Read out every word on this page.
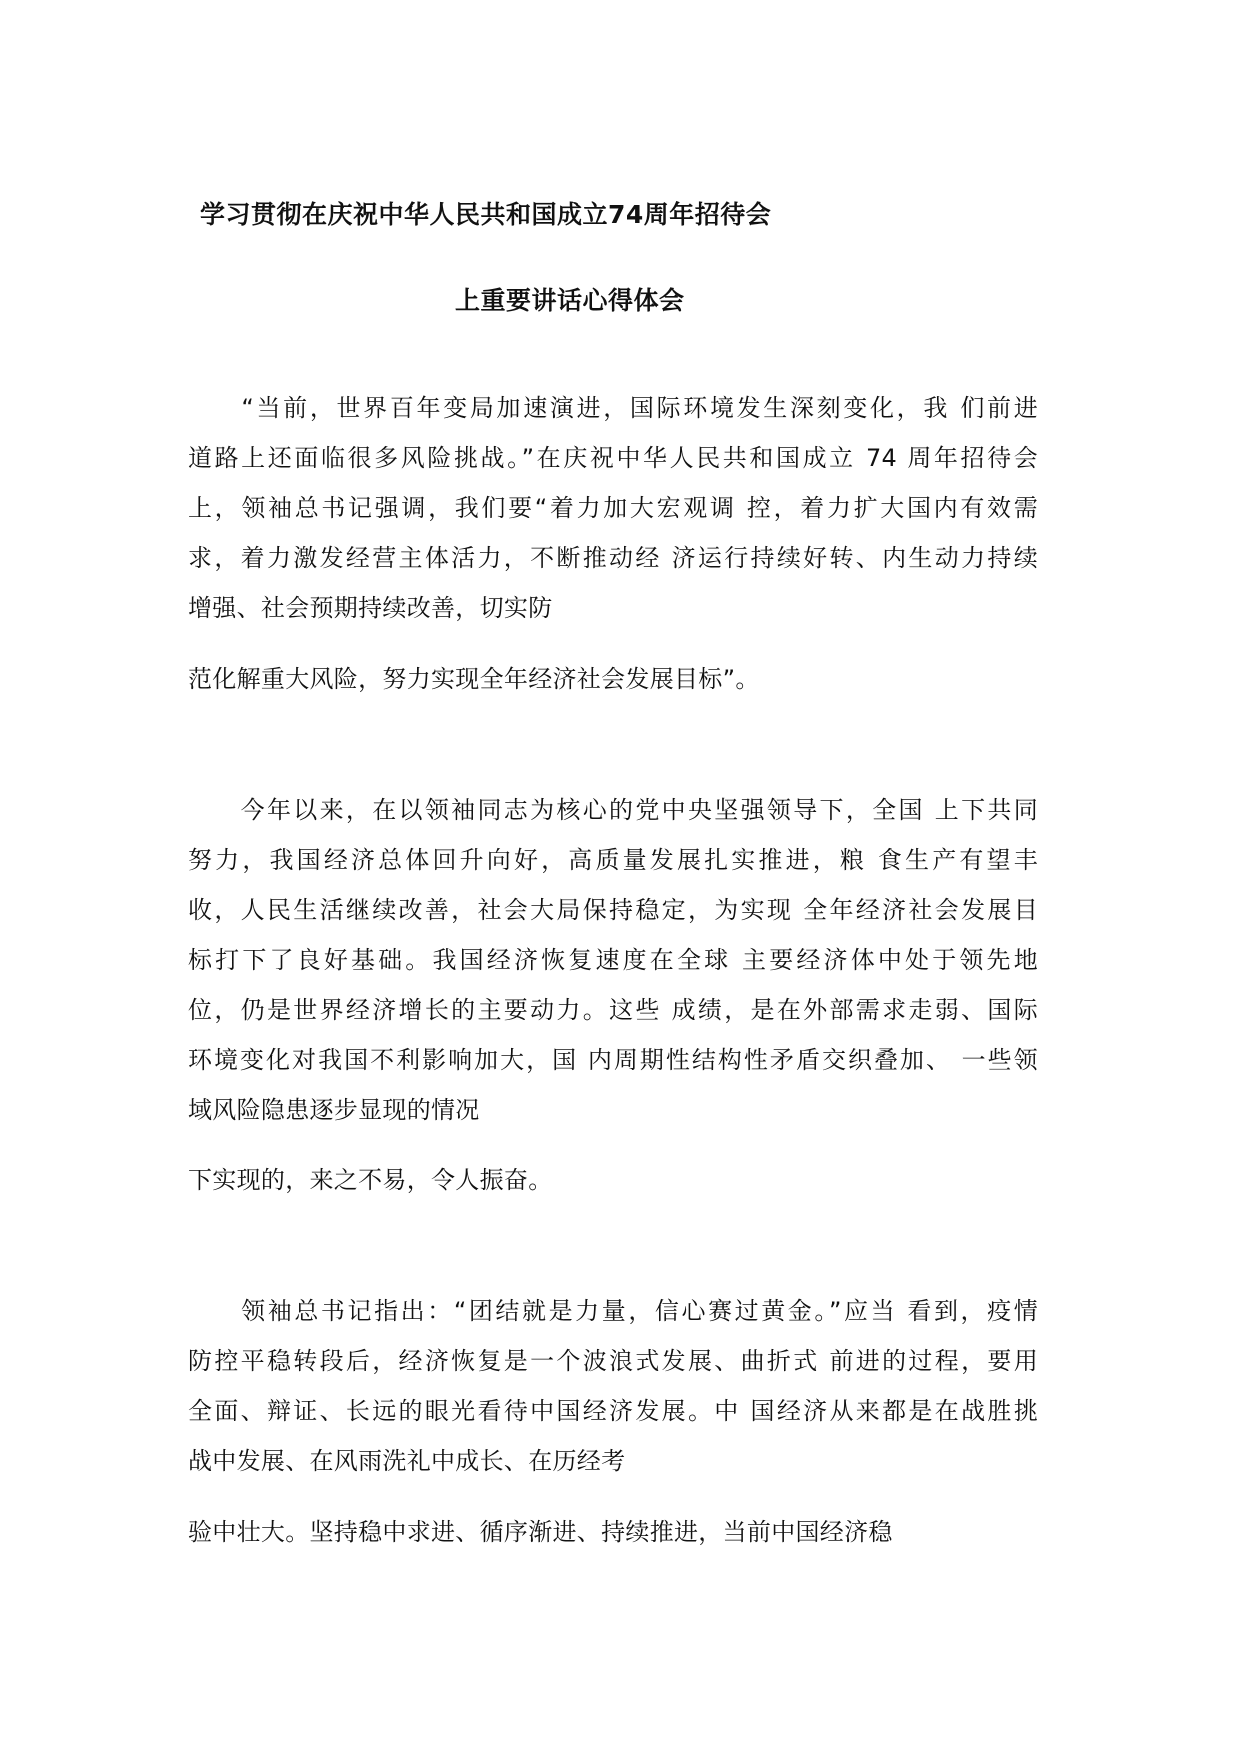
学习贯彻在庆祝中华人民共和国成立74周年招待会
上重要讲话心得体会
　　“当前，世界百年变局加速演进，国际环境发生深刻变化，我 们前进
道路上还面临很多风险挑战。”在庆祝中华人民共和国成立 74 周年招待会
上，领袖总书记强调，我们要“着力加大宏观调 控，着力扩大国内有效需
求，着力激发经营主体活力，不断推动经 济运行持续好转、内生动力持续
增强、社会预期持续改善，切实防
范化解重大风险，努力实现全年经济社会发展目标”。
　　今年以来，在以领袖同志为核心的党中央坚强领导下，全国 上下共同
努力，我国经济总体回升向好，高质量发展扎实推进，粮 食生产有望丰
收，人民生活继续改善，社会大局保持稳定，为实现 全年经济社会发展目
标打下了良好基础。我国经济恢复速度在全球 主要经济体中处于领先地
位，仍是世界经济增长的主要动力。这些 成绩，是在外部需求走弱、国际
环境变化对我国不利影响加大，国 内周期性结构性矛盾交织叠加、 一些领
域风险隐患逐步显现的情况
下实现的，来之不易，令人振奋。
　　领袖总书记指出：“团结就是力量，信心赛过黄金。”应当 看到，疫情
防控平稳转段后，经济恢复是一个波浪式发展、曲折式 前进的过程，要用
全面、辩证、长远的眼光看待中国经济发展。中 国经济从来都是在战胜挑
战中发展、在风雨洗礼中成长、在历经考
验中壮大。坚持稳中求进、循序渐进、持续推进，当前中国经济稳
